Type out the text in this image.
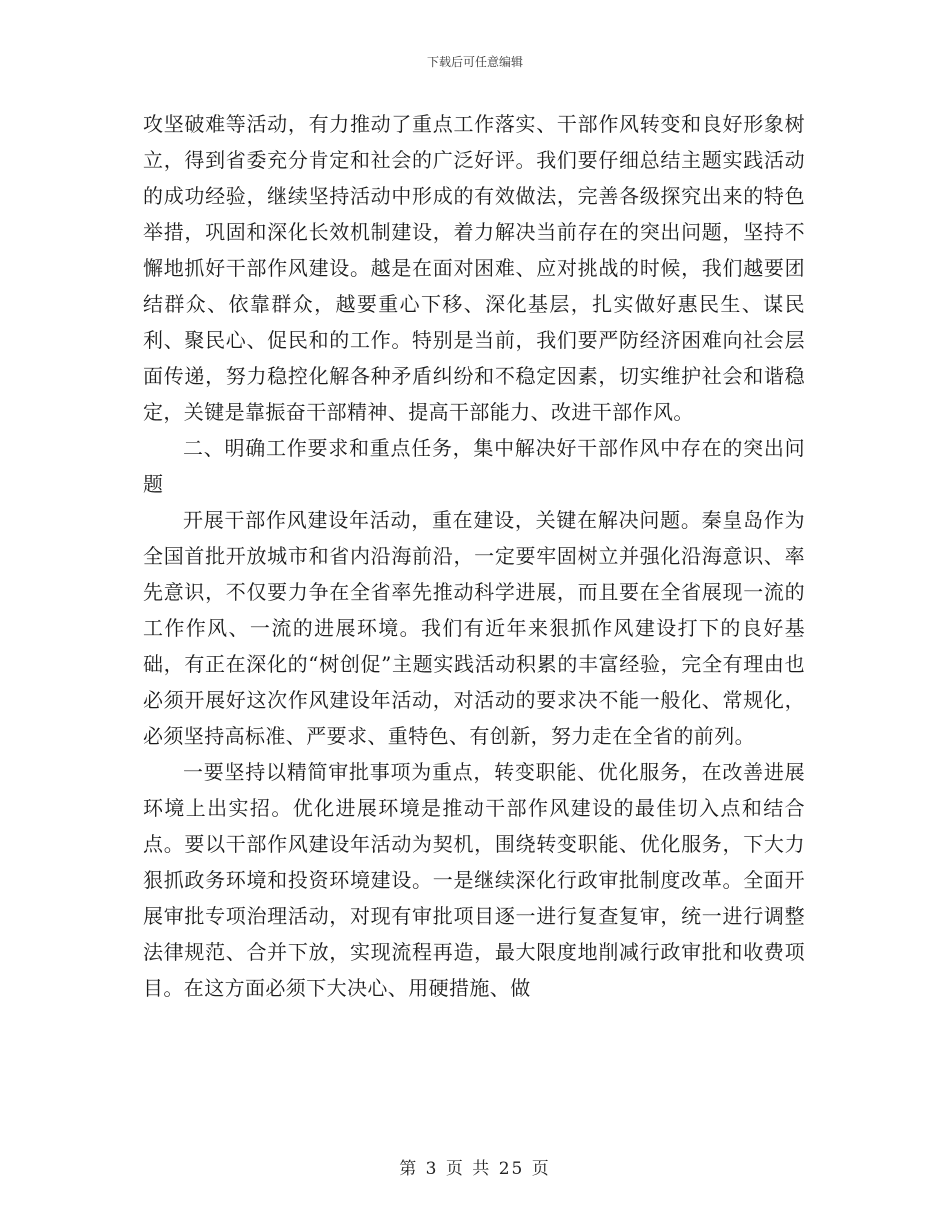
下载后可任意编辑

攻坚破难等活动，有力推动了重点工作落实、干部作风转变和良好形象树立，得到省委充分肯定和社会的广泛好评。我们要仔细总结主题实践活动的成功经验，继续坚持活动中形成的有效做法，完善各级探究出来的特色举措，巩固和深化长效机制建设，着力解决当前存在的突出问题，坚持不懈地抓好干部作风建设。越是在面对困难、应对挑战的时候，我们越要团结群众、依靠群众，越要重心下移、深化基层，扎实做好惠民生、谋民利、聚民心、促民和的工作。特别是当前，我们要严防经济困难向社会层面传递，努力稳控化解各种矛盾纠纷和不稳定因素，切实维护社会和谐稳定，关键是靠振奋干部精神、提高干部能力、改进干部作风。

二、明确工作要求和重点任务，集中解决好干部作风中存在的突出问题

开展干部作风建设年活动，重在建设，关键在解决问题。秦皇岛作为全国首批开放城市和省内沿海前沿，一定要牢固树立并强化沿海意识、率先意识，不仅要力争在全省率先推动科学进展，而且要在全省展现一流的工作作风、一流的进展环境。我们有近年来狠抓作风建设打下的良好基础，有正在深化的“树创促”主题实践活动积累的丰富经验，完全有理由也必须开展好这次作风建设年活动，对活动的要求决不能一般化、常规化，必须坚持高标准、严要求、重特色、有创新，努力走在全省的前列。

一要坚持以精简审批事项为重点，转变职能、优化服务，在改善进展环境上出实招。优化进展环境是推动干部作风建设的最佳切入点和结合点。要以干部作风建设年活动为契机，围绕转变职能、优化服务，下大力狠抓政务环境和投资环境建设。一是继续深化行政审批制度改革。全面开展审批专项治理活动，对现有审批项目逐一进行复查复审，统一进行调整法律规范、合并下放，实现流程再造，最大限度地削减行政审批和收费项目。在这方面必须下大决心、用硬措施、做

第 3 页 共 25 页
